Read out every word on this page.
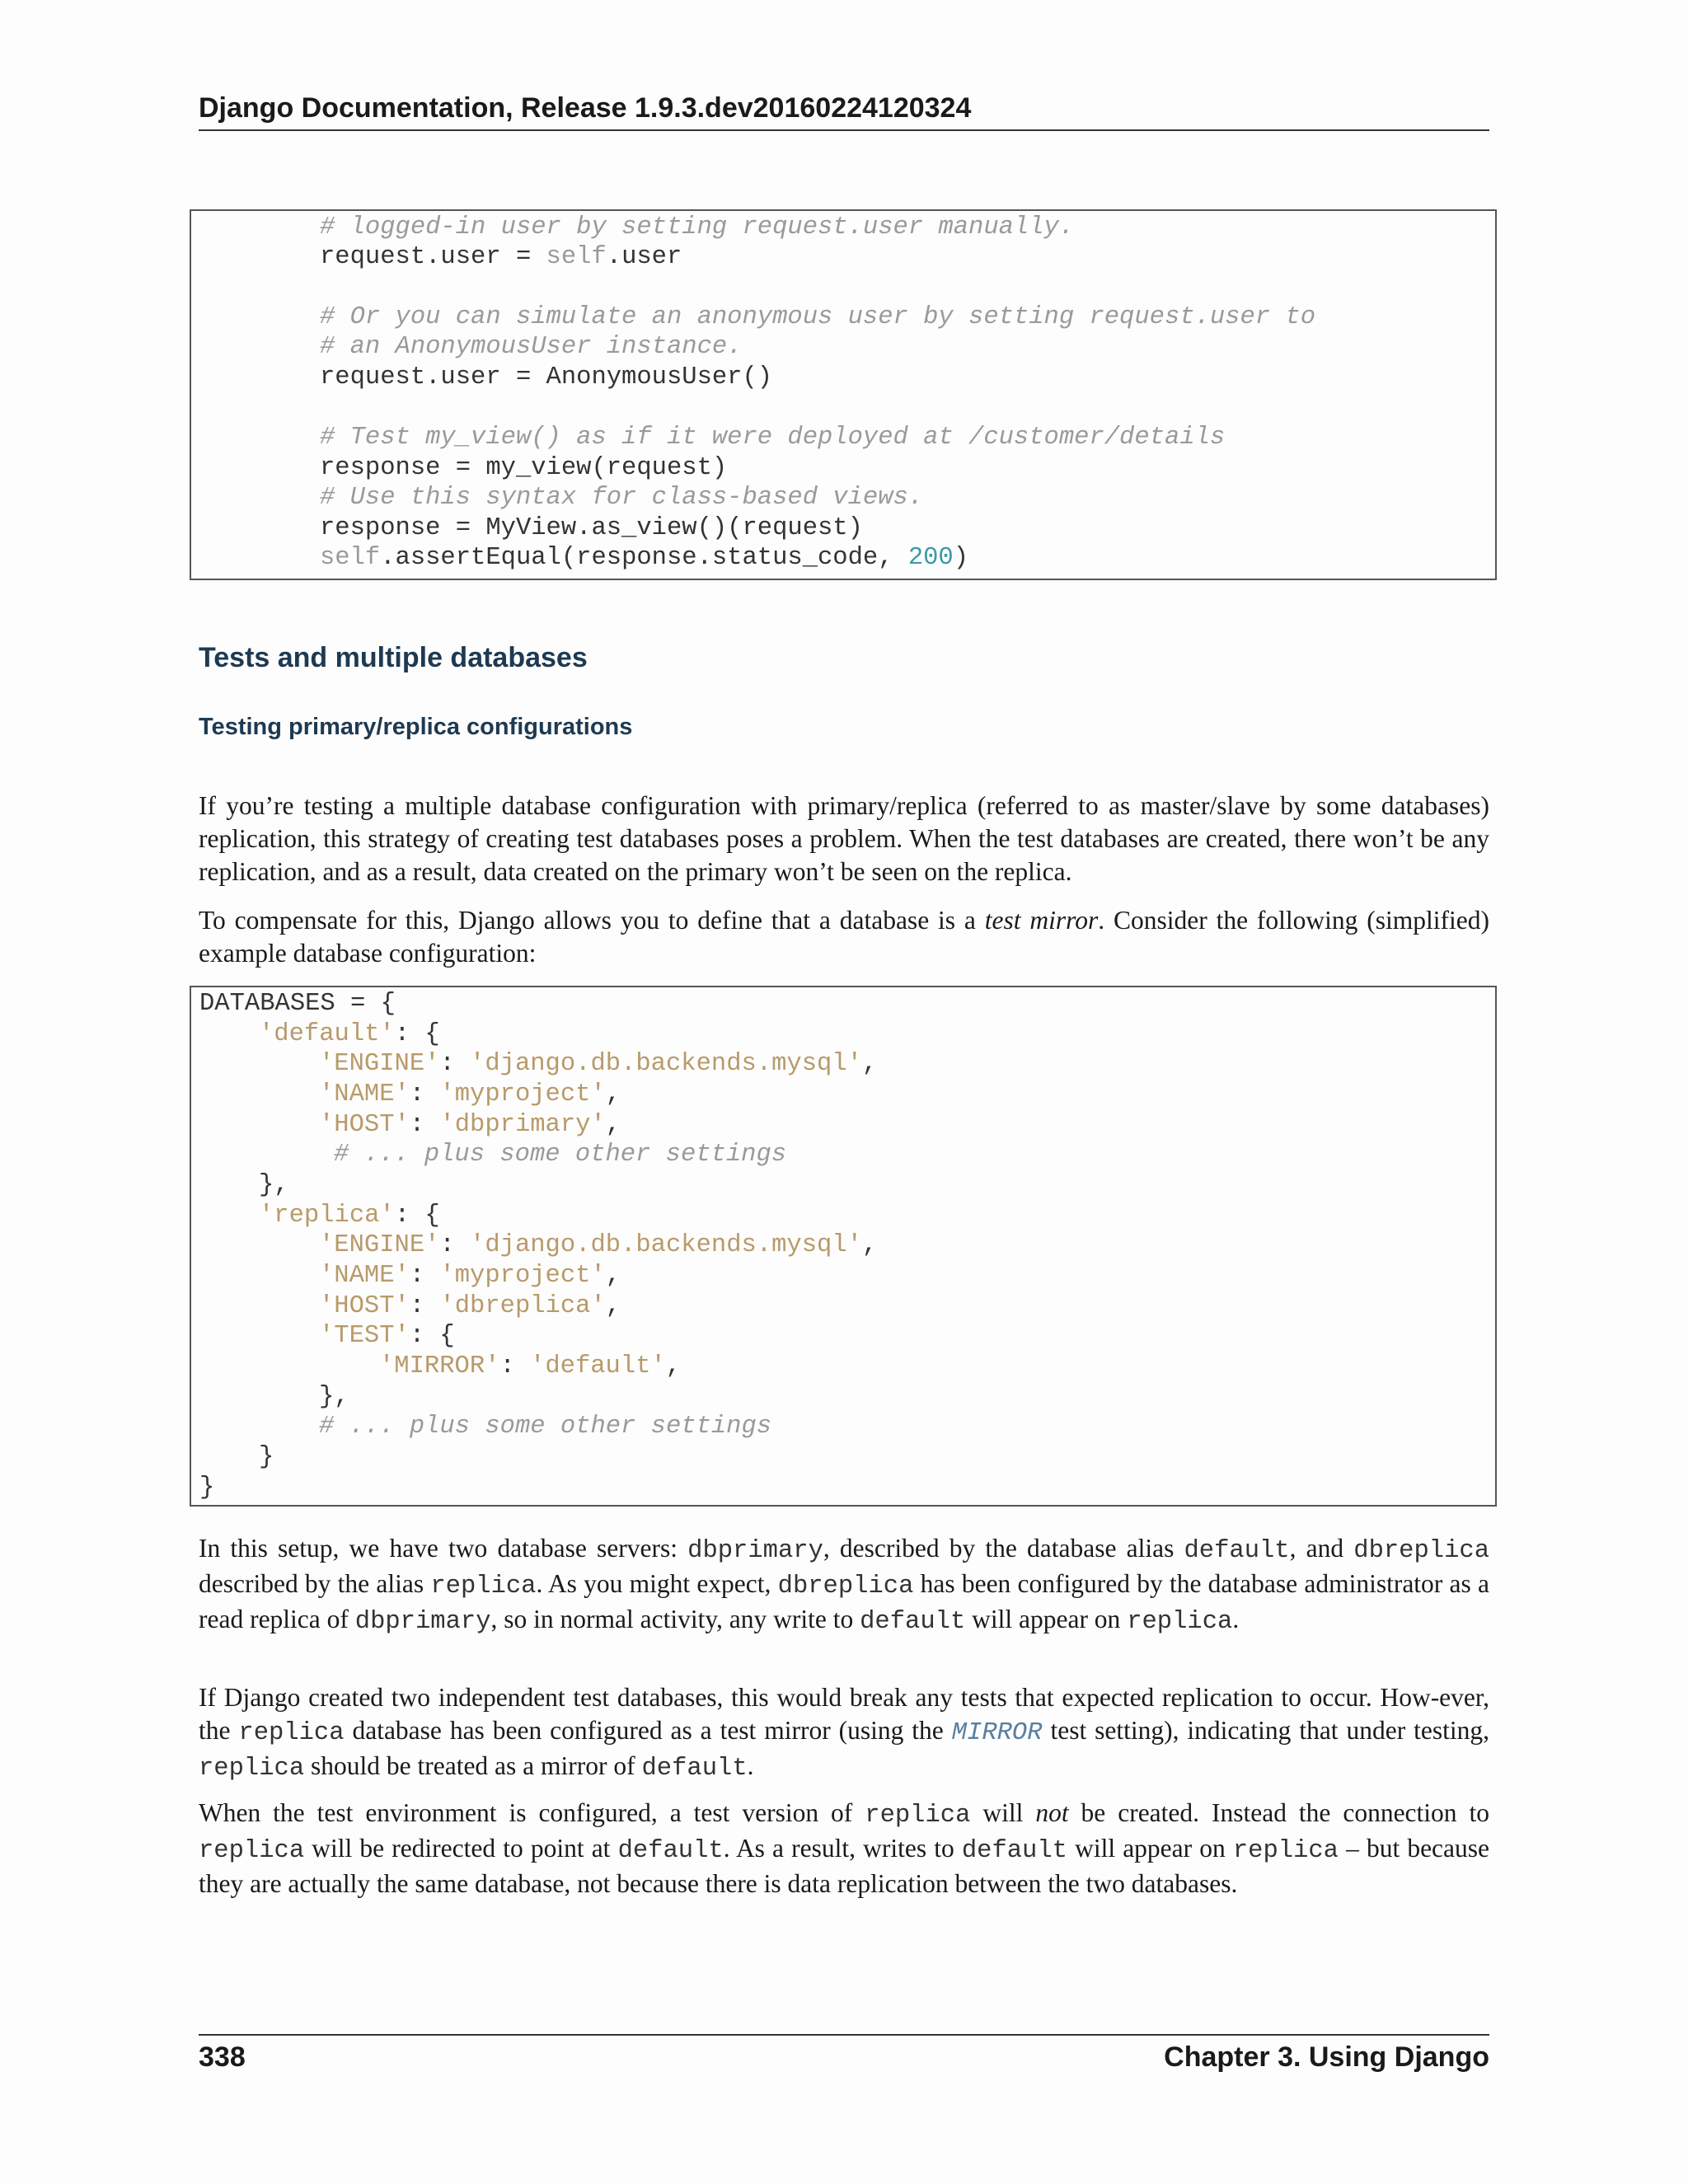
Django Documentation, Release 1.9.3.dev20160224120324
# logged-in user by setting request.user manually.
request.user = self.user
# Or you can simulate an anonymous user by setting request.user to
# an AnonymousUser instance.
request.user = AnonymousUser()
# Test my_view() as if it were deployed at /customer/details
response = my_view(request)
# Use this syntax for class-based views.
response = MyView.as_view()(request)
self.assertEqual(response.status_code, 200)
Tests and multiple databases
Testing primary/replica configurations
If you’re testing a multiple database configuration with primary/replica (referred to as master/slave by some databases) replication, this strategy of creating test databases poses a problem. When the test databases are created, there won’t be any replication, and as a result, data created on the primary won’t be seen on the replica.
To compensate for this, Django allows you to define that a database is a test mirror. Consider the following (simplified) example database configuration:
DATABASES = {
'default': {
'ENGINE': 'django.db.backends.mysql',
'NAME': 'myproject',
'HOST': 'dbprimary',
# ... plus some other settings
},
'replica': {
'ENGINE': 'django.db.backends.mysql',
'NAME': 'myproject',
'HOST': 'dbreplica',
'TEST': {
'MIRROR': 'default',
},
# ... plus some other settings
}
}
In this setup, we have two database servers: dbprimary, described by the database alias default, and dbreplica described by the alias replica. As you might expect, dbreplica has been configured by the database administrator as a read replica of dbprimary, so in normal activity, any write to default will appear on replica.
If Django created two independent test databases, this would break any tests that expected replication to occur. How-ever, the replica database has been configured as a test mirror (using the MIRROR test setting), indicating that under testing, replica should be treated as a mirror of default.
When the test environment is configured, a test version of replica will not be created. Instead the connection to replica will be redirected to point at default. As a result, writes to default will appear on replica – but because they are actually the same database, not because there is data replication between the two databases.
338	Chapter 3. Using Django
